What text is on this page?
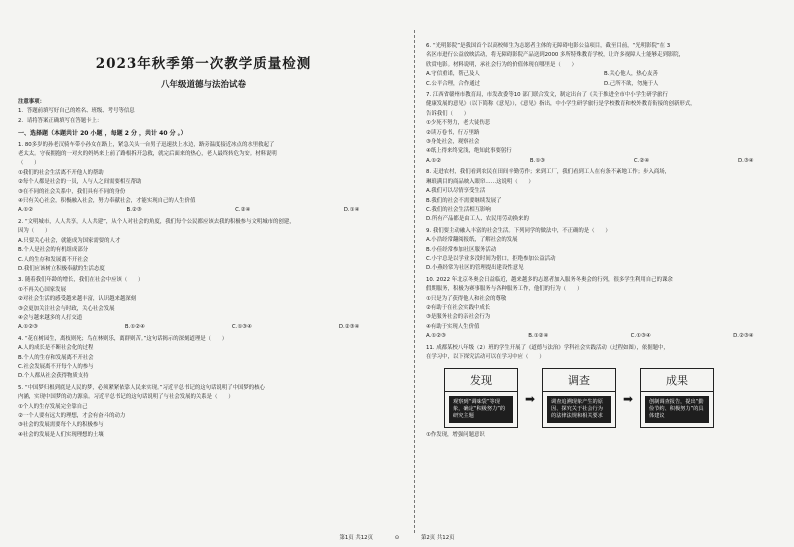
2023年秋季第一次教学质量检测
八年级道德与法治试卷
注意事项：
1．答题前填写好自己的姓名、班级、考号等信息
2．请将答案正确填写在答题卡上：
一、选择题（本题共计 20 小题 ，每题 2 分 ，共计 40 分 。）
1. 80多岁的孙老汉骑车带小孙女在路上，紧急关头一台男子迅速扶上水边，路旁温度接近冰点的水里救起了
老太太。守夜拥抱的一对火的妈妈来上前了路根拆开急救，就完后面来的热心，老人最终转危为安。材料说明
（　　）
①我们的社会生活离不开他人的帮助
②每个人都是社会的一员，人与人之间需要相互帮助
③在不同的社会关系中，我们具有不同的身份
④只有关心社会，积极融入社会，努力奉献社会，才能实现自己的人生价值
A.①②	B.②③	C.②④	D.①④
2. “文明城市，人人共享，人人共建”，从个人对社会的角度，我们每个公民都应该去我的积极参与文明城市的创建，
因为（　　）
A.只要关心社会，就能成为国家需要的人才
B.个人是社会的有机组成部分
C.人的生存和发展离不开社会
D.我们应该树立积极奉献的生活态度
3. 随着我们年龄的增长，我们在社会中应该（　　）
①不再关心国家发展
②对社会生活的感受越来越丰富，认识越来越深刻
③会更加关注社会与时政，关心社会发展
④会与越来越多的人打交道
A.①②③	B.①②④	C.①③④	D.②③④
4. “花在树园生，离枝则死；鸟在林则乐，离群则苦。”这句话揭示的深刻道理是（　　）
A.人的成长是不断社会化的过程
B.个人的生存和发展离不开社会
C.社会发展离不开每个人的参与
D.个人都从社会获得物质支持
5. “中国梦归根到底是人民的梦，必须紧紧依靠人民来实现。”习近平总书记的这句话说明了中国梦的核心
内涵，实现中国梦的动力源泉。习近平总书记的这句话说明了与社会发展的关系是（　　）
①个人的生存发展完全靠自己
②一个人要有远大的理想，才会有奋斗的动力
③社会的发展需要每个人的积极参与
④社会的发展是人们实现理想的土壤
6. “光明影院”是我国首个以高校师生为志愿者主体的无障碍电影公益项目，截至目前，“光明影院”在 3
名区市进行公益放映活动，将无障碍影院产品送到2000 多所特殊教育学校，让许多视障人士能够走到影院，
欣赏电影。材料说明，承社会行为的价值体现在哪里是（　　）
A.守信重诺，帮己及人	B.关心他人，热心友善
C.公平合理，合作通过	D.己所不欲，勿施于人
7. 江西省赣州市教育局，市发改委等10 部门联合发文，制定出台了《关于推进全市中小学生研学旅行
健康发展的意见》（以下简称《意见》），《意见》指出，中小学生研学旅行是学校教育和校外教育衔接的创新形式，
告诉我们（　　）
①少死不努力，老大徒伤悲
②读万卷书，行万里路
③身处社会，观察社会
④纸上得来终觉浅，绝知此事要躬行
A.①②	B.①③	C.②④	D.③④
8. 走进农村，我们看到农民在田间辛勤劳作；来到工厂，我们看到工人在有条不紊地工作；步入商场，
琳琅满目的商品映入眼帘……这说明（　　）
A.我们可以尽情享受生活
B.我们的社会不需要继续发展了
C.我们的社会生活相互影响
D.所有产品都是由工人、农民用劳动换来的
9. 我们要主动融入丰富的社会生活。下列同学的做法中，不正确的是（　　）
A.小浩经常翻阅报纸，了解社会的发展
B.小佳经常参加社区服务活动
C.小宇总是以学业多没时间为借口，拒绝参加公益活动
D.小燕经常为社区的管理提出建设性意见
10. 2022 年北京冬奥会日益临近，越来越多的志愿者加入服务冬奥会的行列，很多学生利用自己的课余
假期服务，积极为赛事服务与各种服务工作，他们的行为（　　）
①只是为了获得他人和社会的尊敬
②有助于在社会实践中成长
③是服务社会的亲社会行为
④有助于实现人生价值
A.①②③	B.①②④	C.①③④	D.②③④
11. 成都某校八年级（2）班的学生开展了《道德与法治》学科社会实践活动（过程如图），依据题中，
在学习中，以下探究活动可以在学习中应（　　）
发现
观察到“调味袋”等现象，确定“积极努力”的研究主题
➡
调查
调查追溯现象产生的原因、探究关于社会行为的法律法规和相关要求
➡
成果
创制调查报告，提出“勤俭节约、积极努力”的具体建议
①作发现，增强问题意识
第1页 共12页	⊙	第2页 共12页
